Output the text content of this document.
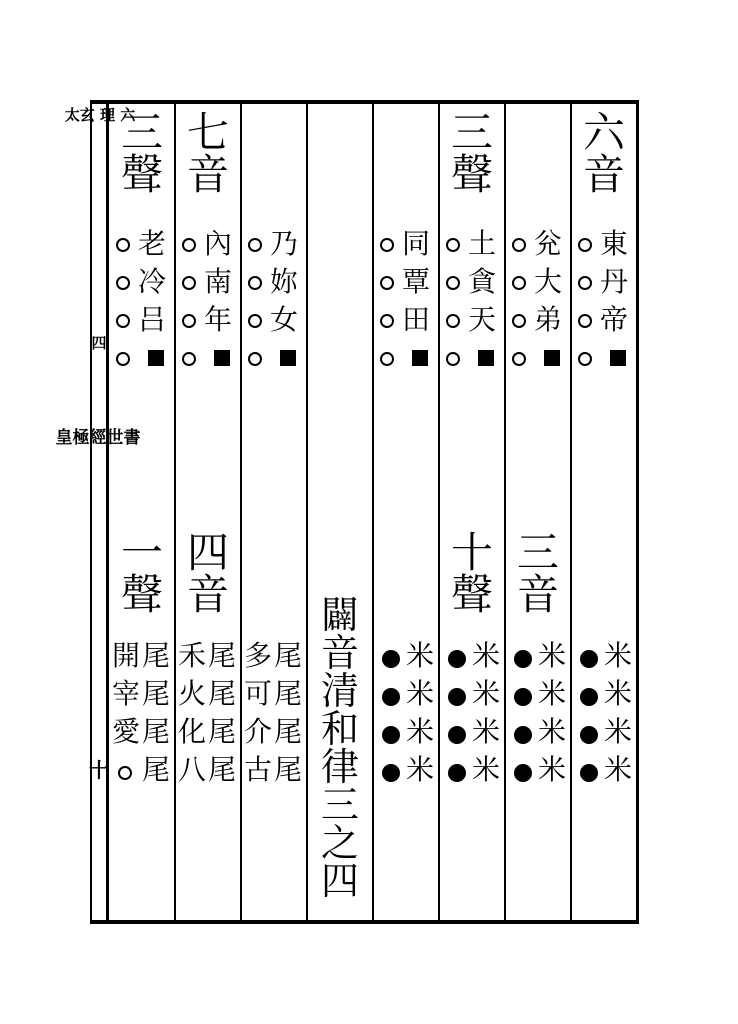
太玄 理 六
四
皇極經世書
十
六
音
東
丹
帝
米
米
米
米
兊
大
弟
三
音
米
米
米
米
三
聲
土
貪
天
十
聲
米
米
米
米
同
覃
田
米
米
米
米
闢
音
清
和
律
三
之
四
乃
妳
女
多 尾
可 尾
介 尾
古 尾
七
音
內
南
年
四
音
禾 尾
火 尾
化 尾
八 尾
三
聲
老
冷
吕
一
聲
開 尾
宰 尾
愛 尾
尾
